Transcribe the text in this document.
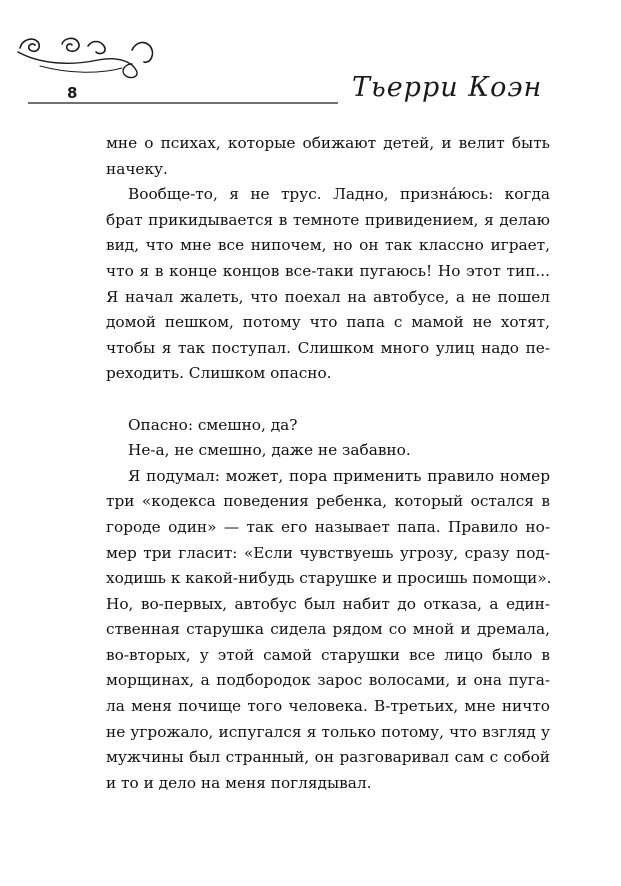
8	Тьерри Коэн
мне о психах, которые обижают детей, и велит быть
начеку.
Вообще-то, я не трус. Ладно, призна́юсь: когда
брат прикидывается в темноте привидением, я делаю
вид, что мне все нипочем, но он так классно играет,
что я в конце концов все-таки пугаюсь! Но этот тип...
Я начал жалеть, что поехал на автобусе, а не пошел
домой пешком, потому что папа с мамой не хотят,
чтобы я так поступал. Слишком много улиц надо пе-
реходить. Слишком опасно.
Опасно: смешно, да?
Не-а, не смешно, даже не забавно.
Я подумал: может, пора применить правило номер
три «кодекса поведения ребенка, который остался в
городе один» — так его называет папа. Правило но-
мер три гласит: «Если чувствуешь угрозу, сразу под-
ходишь к какой-нибудь старушке и просишь помощи».
Но, во-первых, автобус был набит до отказа, а един-
ственная старушка сидела рядом со мной и дремала,
во-вторых, у этой самой старушки все лицо было в
морщинах, а подбородок зарос волосами, и она пуга-
ла меня почище того человека. В-третьих, мне ничто
не угрожало, испугался я только потому, что взгляд у
мужчины был странный, он разговаривал сам с собой
и то и дело на меня поглядывал.
